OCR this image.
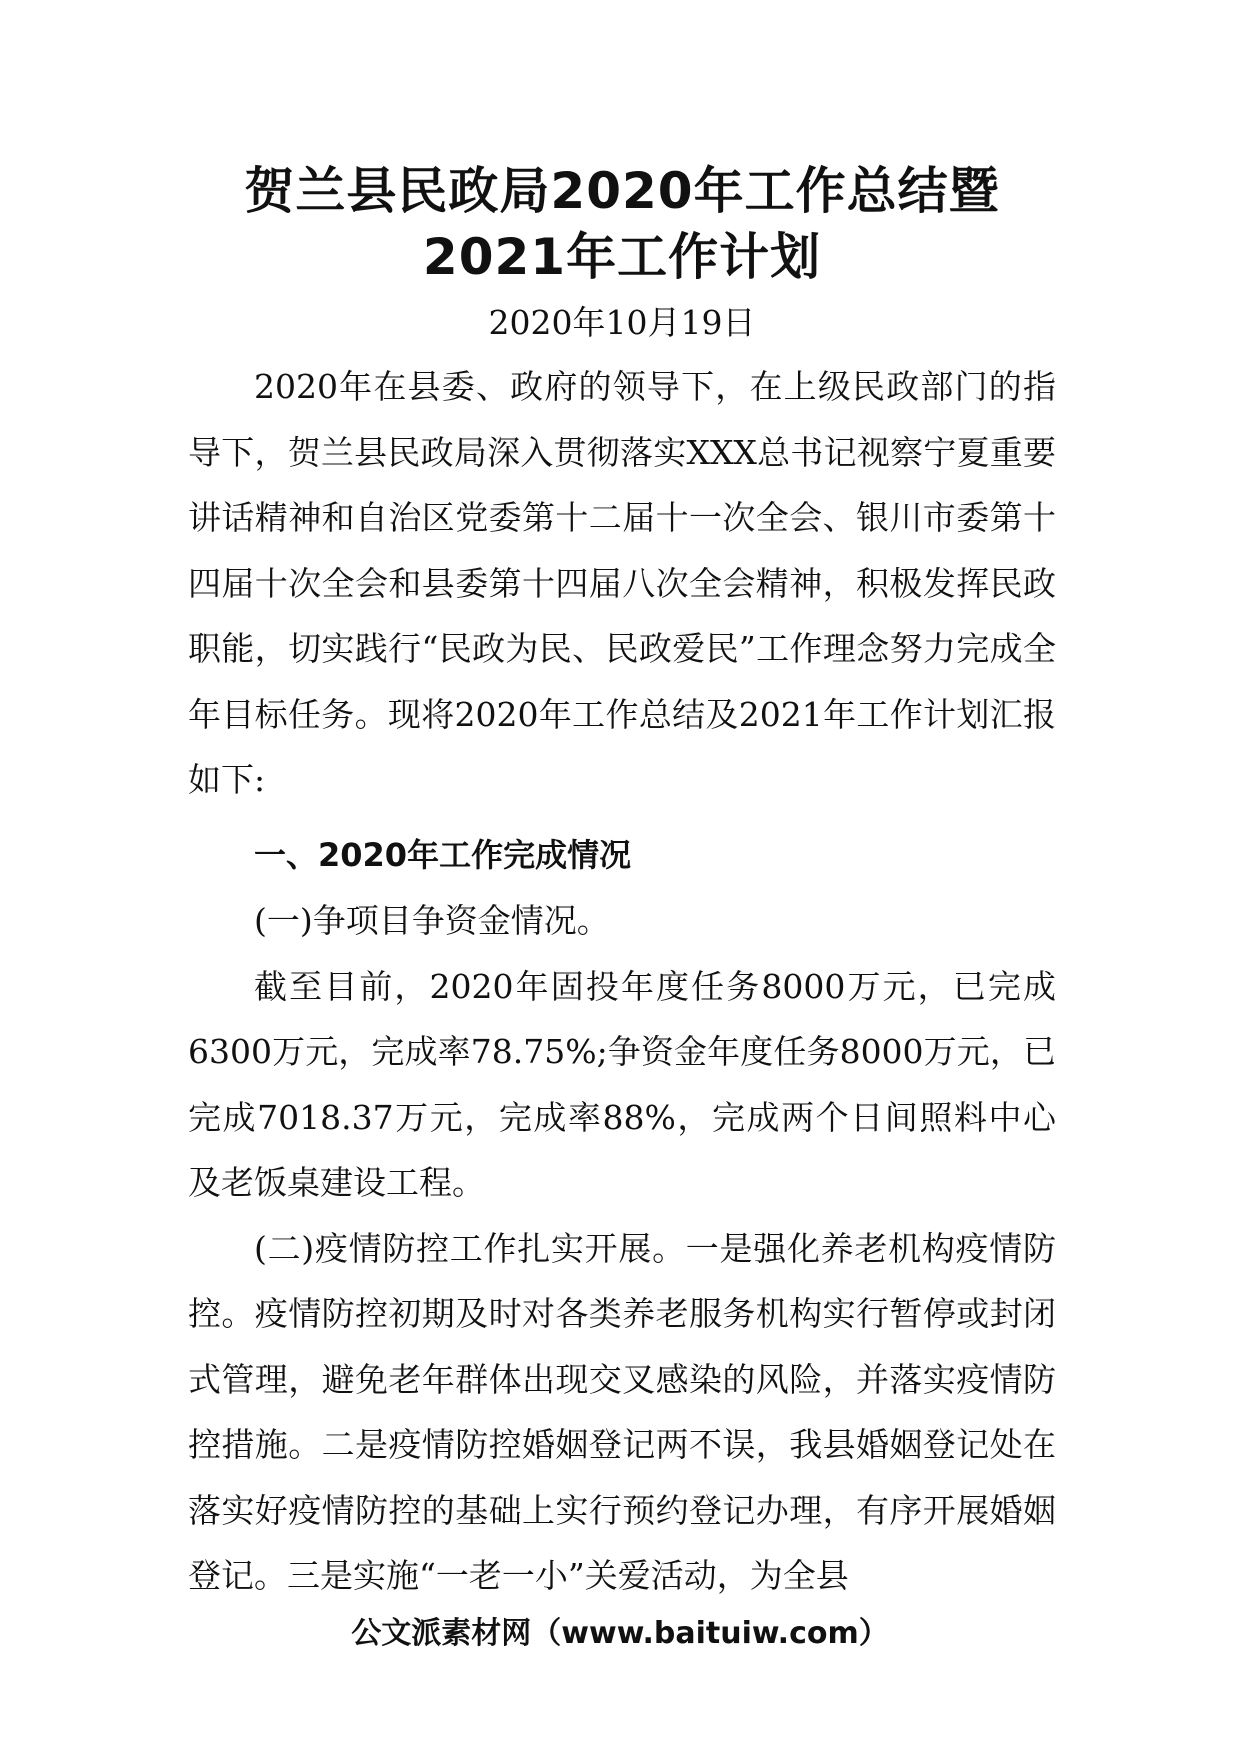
贺兰县民政局2020年工作总结暨2021年工作计划

2020年10月19日

2020年在县委、政府的领导下，在上级民政部门的指导下，贺兰县民政局深入贯彻落实XXX总书记视察宁夏重要讲话精神和自治区党委第十二届十一次全会、银川市委第十四届十次全会和县委第十四届八次全会精神，积极发挥民政职能，切实践行“民政为民、民政爱民”工作理念努力完成全年目标任务。现将2020年工作总结及2021年工作计划汇报如下:

一、2020年工作完成情况

(一)争项目争资金情况。

截至目前，2020年固投年度任务8000万元，已完成6300万元，完成率78.75%;争资金年度任务8000万元，已完成7018.37万元，完成率88%，完成两个日间照料中心及老饭桌建设工程。

(二)疫情防控工作扎实开展。一是强化养老机构疫情防控。疫情防控初期及时对各类养老服务机构实行暂停或封闭式管理，避免老年群体出现交叉感染的风险，并落实疫情防控措施。二是疫情防控婚姻登记两不误，我县婚姻登记处在落实好疫情防控的基础上实行预约登记办理，有序开展婚姻登记。三是实施“一老一小”关爱活动，为全县

公文派素材网（www.baituiw.com）
